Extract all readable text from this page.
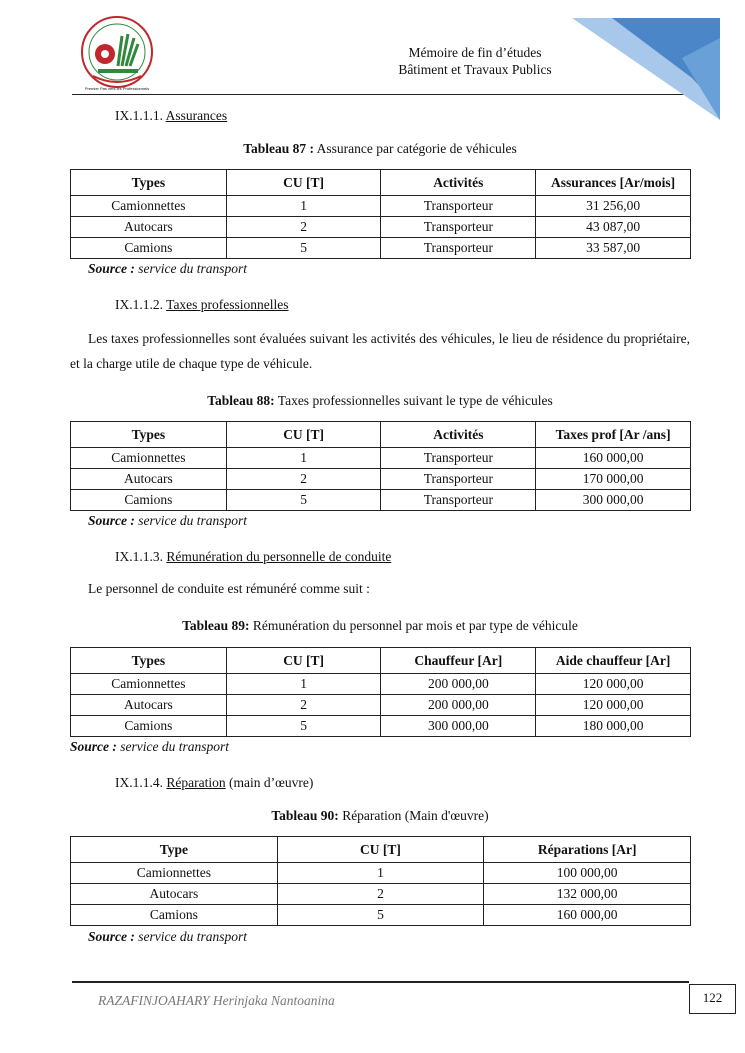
Premier Pas vers les Professionnels
Mémoire de fin d’études
Bâtiment et Travaux Publics
IX.1.1.1. Assurances
Tableau 87 : Assurance par catégorie de véhicules
Types	CU [T]	Activités	Assurances [Ar/mois]
Camionnettes	1	Transporteur	31 256,00
Autocars	2	Transporteur	43 087,00
Camions	5	Transporteur	33 587,00
Source : service du transport
IX.1.1.2. Taxes professionnelles
Les taxes professionnelles sont évaluées suivant les activités des véhicules, le lieu de résidence du propriétaire, et la charge utile de chaque type de véhicule.
Tableau 88: Taxes professionnelles suivant le type de véhicules
Types	CU [T]	Activités	Taxes prof [Ar /ans]
Camionnettes	1	Transporteur	160 000,00
Autocars	2	Transporteur	170 000,00
Camions	5	Transporteur	300 000,00
Source : service du transport
IX.1.1.3. Rémunération du personnelle de conduite
Le personnel de conduite est rémunéré comme suit :
Tableau 89: Rémunération du personnel par mois et par type de véhicule
Types	CU [T]	Chauffeur [Ar]	Aide chauffeur [Ar]
Camionnettes	1	200 000,00	120 000,00
Autocars	2	200 000,00	120 000,00
Camions	5	300 000,00	180 000,00
Source : service du transport
IX.1.1.4. Réparation (main d’œuvre)
Tableau 90: Réparation (Main d'œuvre)
Type	CU [T]	Réparations [Ar]
Camionnettes	1	100 000,00
Autocars	2	132 000,00
Camions	5	160 000,00
Source : service du transport
RAZAFINJOAHARY Herinjaka Nantoanina	122
